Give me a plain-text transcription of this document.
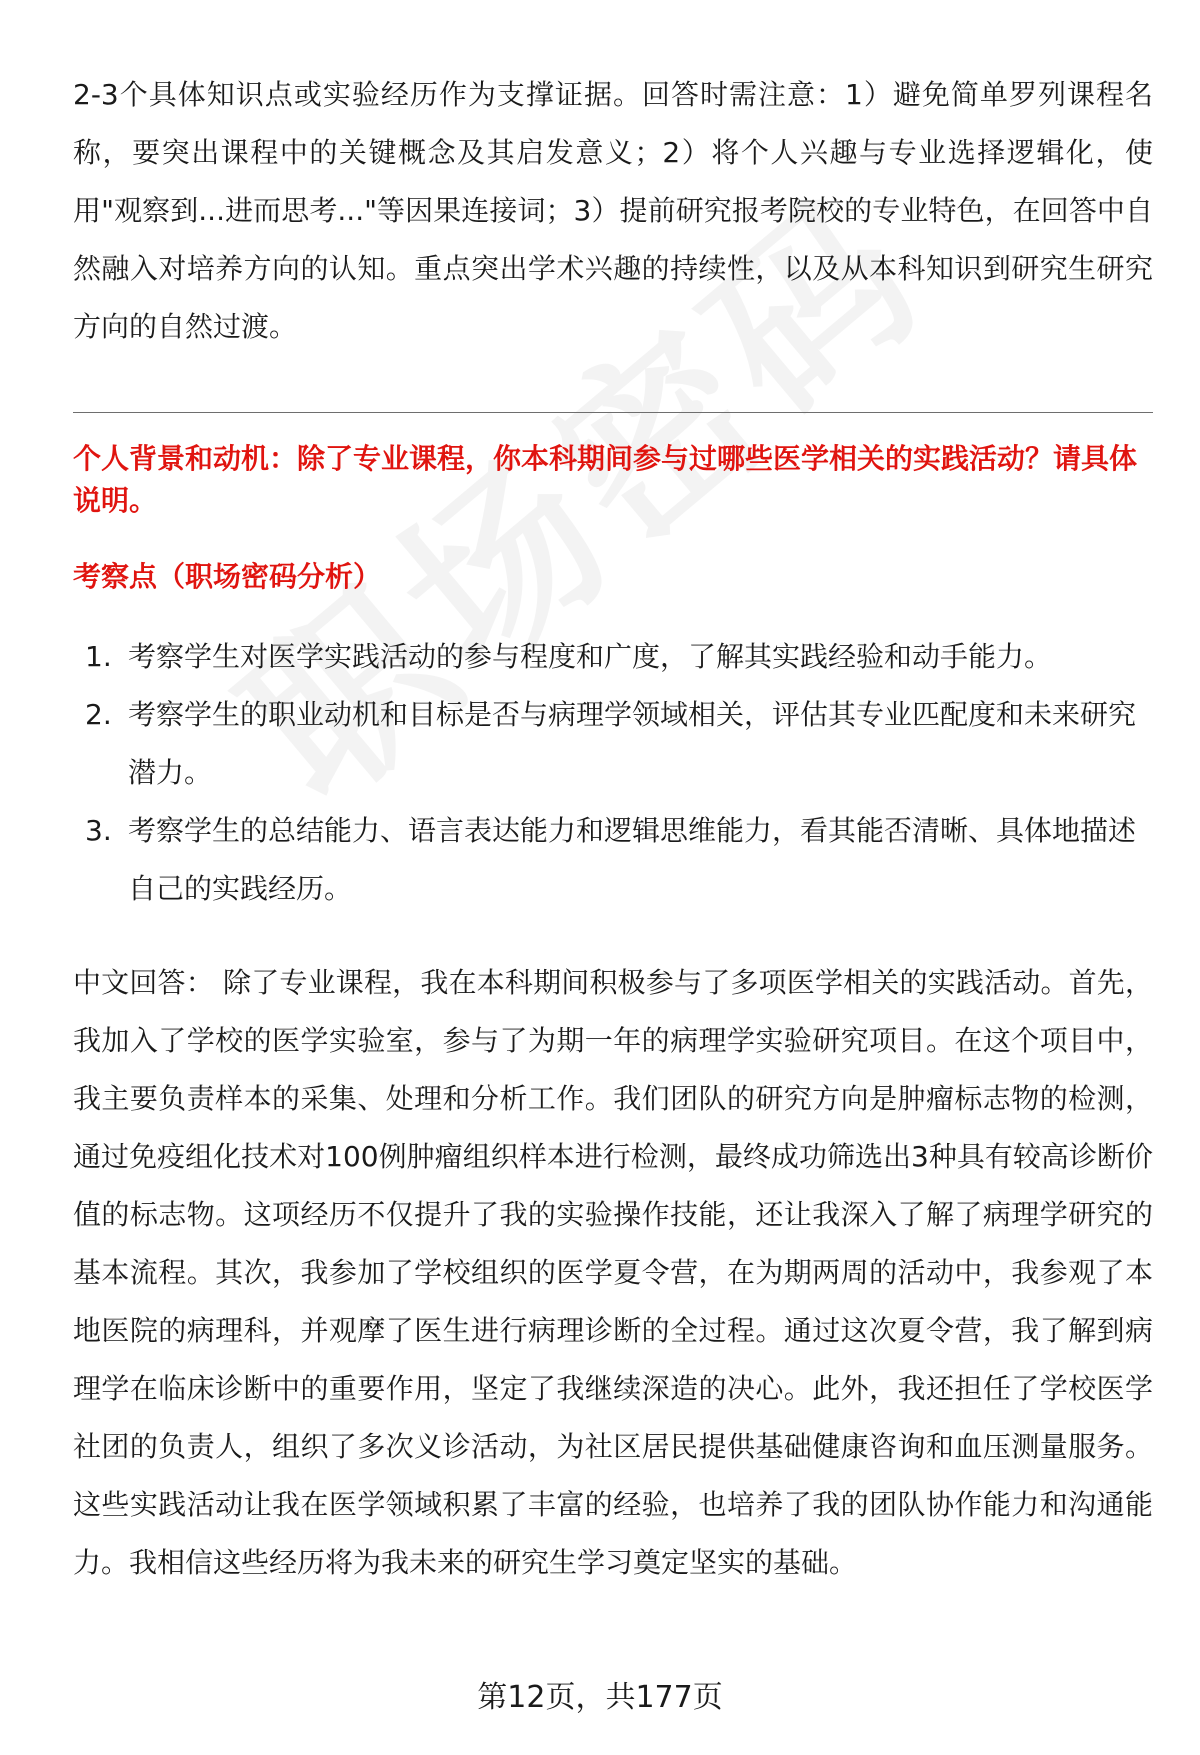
2-3个具体知识点或实验经历作为支撑证据。回答时需注意：1）避免简单罗列课程名称，要突出课程中的关键概念及其启发意义；2）将个人兴趣与专业选择逻辑化，使用"观察到...进而思考..."等因果连接词；3）提前研究报考院校的专业特色，在回答中自然融入对培养方向的认知。重点突出学术兴趣的持续性，以及从本科知识到研究生研究方向的自然过渡。

个人背景和动机：除了专业课程，你本科期间参与过哪些医学相关的实践活动？请具体说明。

考察点（职场密码分析）

1. 考察学生对医学实践活动的参与程度和广度，了解其实践经验和动手能力。
2. 考察学生的职业动机和目标是否与病理学领域相关，评估其专业匹配度和未来研究潜力。
3. 考察学生的总结能力、语言表达能力和逻辑思维能力，看其能否清晰、具体地描述自己的实践经历。

中文回答： 除了专业课程，我在本科期间积极参与了多项医学相关的实践活动。首先，我加入了学校的医学实验室，参与了为期一年的病理学实验研究项目。在这个项目中，我主要负责样本的采集、处理和分析工作。我们团队的研究方向是肿瘤标志物的检测，通过免疫组化技术对100例肿瘤组织样本进行检测，最终成功筛选出3种具有较高诊断价值的标志物。这项经历不仅提升了我的实验操作技能，还让我深入了解了病理学研究的基本流程。其次，我参加了学校组织的医学夏令营，在为期两周的活动中，我参观了本地医院的病理科，并观摩了医生进行病理诊断的全过程。通过这次夏令营，我了解到病理学在临床诊断中的重要作用，坚定了我继续深造的决心。此外，我还担任了学校医学社团的负责人，组织了多次义诊活动，为社区居民提供基础健康咨询和血压测量服务。这些实践活动让我在医学领域积累了丰富的经验，也培养了我的团队协作能力和沟通能力。我相信这些经历将为我未来的研究生学习奠定坚实的基础。

第12页，共177页
